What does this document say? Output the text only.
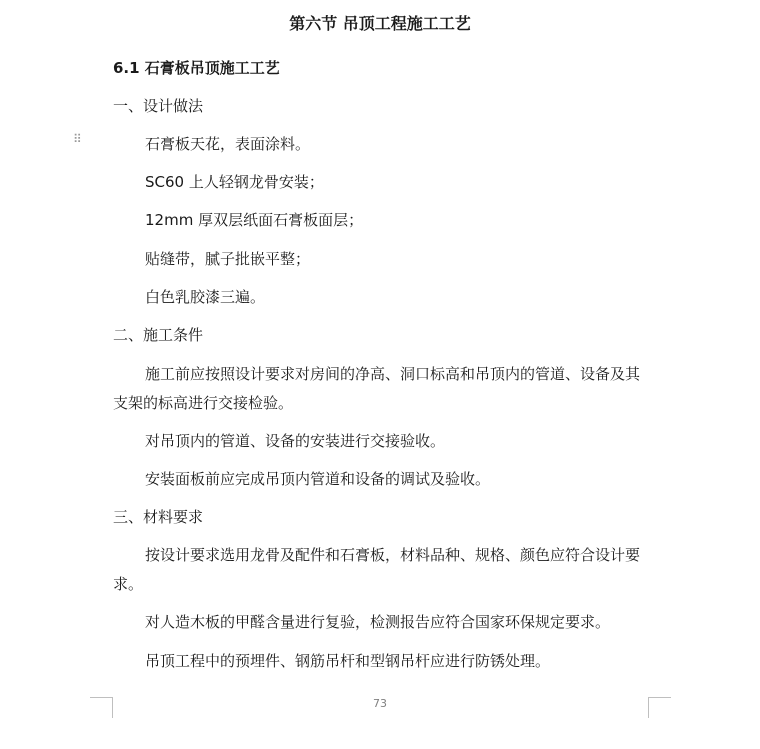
第六节 吊顶工程施工工艺
6.1 石膏板吊顶施工工艺
⠿
一、设计做法
石膏板天花，表面涂料。
SC60 上人轻钢龙骨安装；
12mm 厚双层纸面石膏板面层；
贴缝带，腻子批嵌平整；
白色乳胶漆三遍。
二、施工条件
施工前应按照设计要求对房间的净高、洞口标高和吊顶内的管道、设备及其
支架的标高进行交接检验。
对吊顶内的管道、设备的安装进行交接验收。
安装面板前应完成吊顶内管道和设备的调试及验收。
三、材料要求
按设计要求选用龙骨及配件和石膏板，材料品种、规格、颜色应符合设计要
求。
对人造木板的甲醛含量进行复验，检测报告应符合国家环保规定要求。
吊顶工程中的预埋件、钢筋吊杆和型钢吊杆应进行防锈处理。
73
